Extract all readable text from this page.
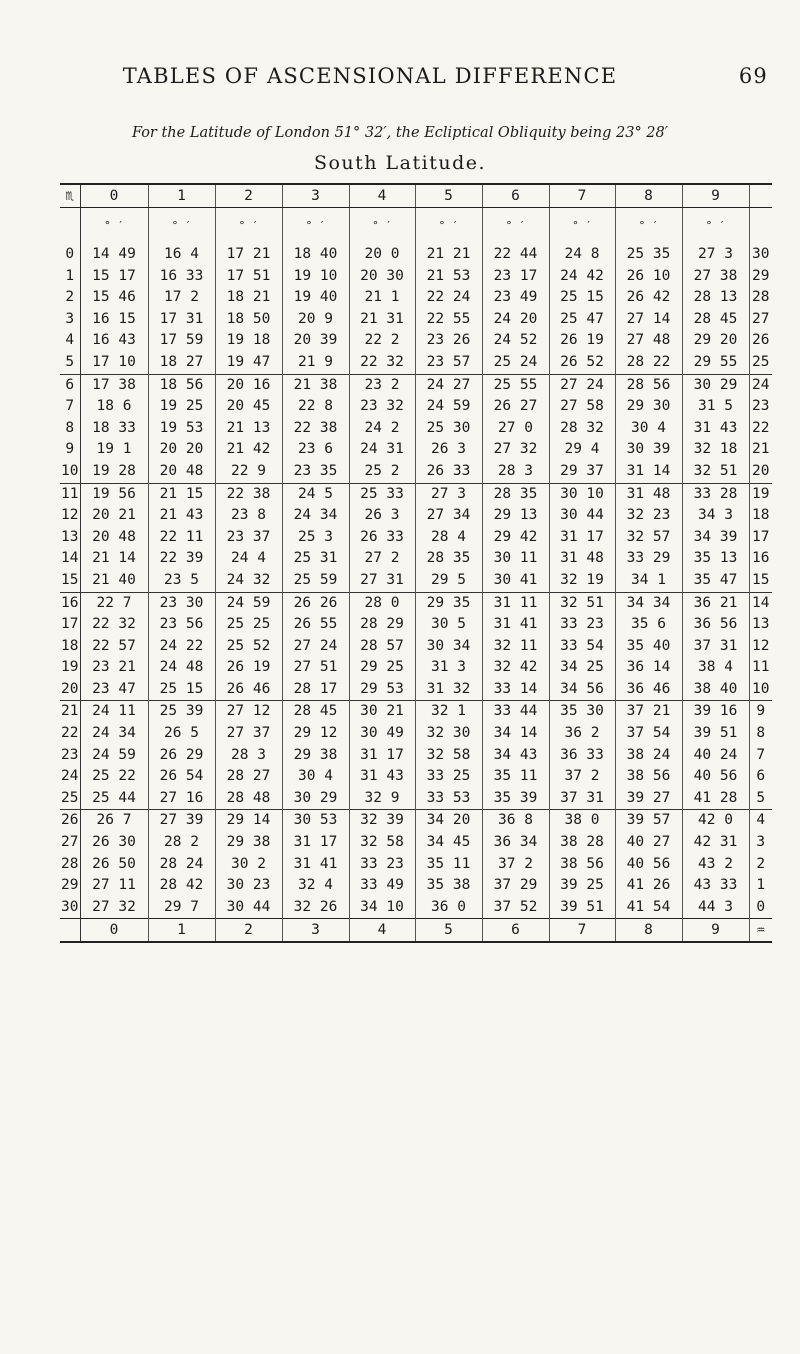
TABLES OF ASCENSIONAL DIFFERENCE	69
For the Latitude of London 51° 32′, the Ecliptical Obliquity being 23° 28′
South Latitude.
♏	0	1	2	3	4	5	6	7	8	9	
	° ′	° ′	° ′	° ′	° ′	° ′	° ′	° ′	° ′	° ′	
0	14 49	16 4	17 21	18 40	20 0	21 21	22 44	24 8	25 35	27 3	30
1	15 17	16 33	17 51	19 10	20 30	21 53	23 17	24 42	26 10	27 38	29
2	15 46	17 2	18 21	19 40	21 1	22 24	23 49	25 15	26 42	28 13	28
3	16 15	17 31	18 50	20 9	21 31	22 55	24 20	25 47	27 14	28 45	27
4	16 43	17 59	19 18	20 39	22 2	23 26	24 52	26 19	27 48	29 20	26
5	17 10	18 27	19 47	21 9	22 32	23 57	25 24	26 52	28 22	29 55	25
6	17 38	18 56	20 16	21 38	23 2	24 27	25 55	27 24	28 56	30 29	24
7	18 6	19 25	20 45	22 8	23 32	24 59	26 27	27 58	29 30	31 5	23
8	18 33	19 53	21 13	22 38	24 2	25 30	27 0	28 32	30 4	31 43	22
9	19 1	20 20	21 42	23 6	24 31	26 3	27 32	29 4	30 39	32 18	21
10	19 28	20 48	22 9	23 35	25 2	26 33	28 3	29 37	31 14	32 51	20
11	19 56	21 15	22 38	24 5	25 33	27 3	28 35	30 10	31 48	33 28	19
12	20 21	21 43	23 8	24 34	26 3	27 34	29 13	30 44	32 23	34 3	18
13	20 48	22 11	23 37	25 3	26 33	28 4	29 42	31 17	32 57	34 39	17
14	21 14	22 39	24 4	25 31	27 2	28 35	30 11	31 48	33 29	35 13	16
15	21 40	23 5	24 32	25 59	27 31	29 5	30 41	32 19	34 1	35 47	15
16	22 7	23 30	24 59	26 26	28 0	29 35	31 11	32 51	34 34	36 21	14
17	22 32	23 56	25 25	26 55	28 29	30 5	31 41	33 23	35 6	36 56	13
18	22 57	24 22	25 52	27 24	28 57	30 34	32 11	33 54	35 40	37 31	12
19	23 21	24 48	26 19	27 51	29 25	31 3	32 42	34 25	36 14	38 4	11
20	23 47	25 15	26 46	28 17	29 53	31 32	33 14	34 56	36 46	38 40	10
21	24 11	25 39	27 12	28 45	30 21	32 1	33 44	35 30	37 21	39 16	9
22	24 34	26 5	27 37	29 12	30 49	32 30	34 14	36 2	37 54	39 51	8
23	24 59	26 29	28 3	29 38	31 17	32 58	34 43	36 33	38 24	40 24	7
24	25 22	26 54	28 27	30 4	31 43	33 25	35 11	37 2	38 56	40 56	6
25	25 44	27 16	28 48	30 29	32 9	33 53	35 39	37 31	39 27	41 28	5
26	26 7	27 39	29 14	30 53	32 39	34 20	36 8	38 0	39 57	42 0	4
27	26 30	28 2	29 38	31 17	32 58	34 45	36 34	38 28	40 27	42 31	3
28	26 50	28 24	30 2	31 41	33 23	35 11	37 2	38 56	40 56	43 2	2
29	27 11	28 42	30 23	32 4	33 49	35 38	37 29	39 25	41 26	43 33	1
30	27 32	29 7	30 44	32 26	34 10	36 0	37 52	39 51	41 54	44 3	0
	0	1	2	3	4	5	6	7	8	9	♒
